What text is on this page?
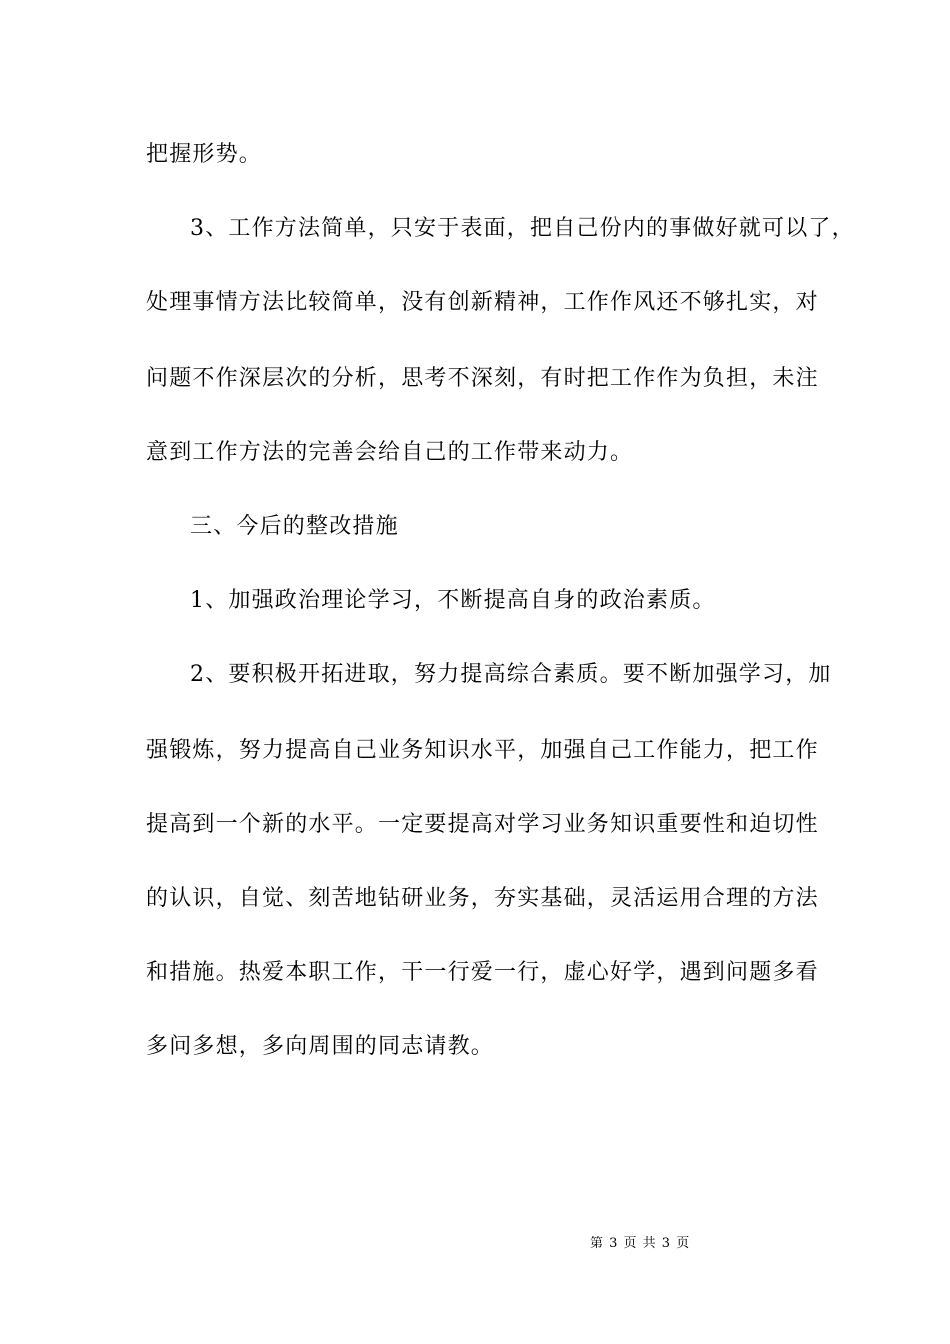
把握形势。
3、工作方法简单，只安于表面，把自己份内的事做好就可以了，
处理事情方法比较简单，没有创新精神，工作作风还不够扎实，对
问题不作深层次的分析，思考不深刻，有时把工作作为负担，未注
意到工作方法的完善会给自己的工作带来动力。
三、今后的整改措施
1、加强政治理论学习，不断提高自身的政治素质。
2、要积极开拓进取，努力提高综合素质。要不断加强学习，加
强锻炼，努力提高自己业务知识水平，加强自己工作能力，把工作
提高到一个新的水平。一定要提高对学习业务知识重要性和迫切性
的认识，自觉、刻苦地钻研业务，夯实基础，灵活运用合理的方法
和措施。热爱本职工作，干一行爱一行，虚心好学，遇到问题多看
多问多想，多向周围的同志请教。
第 3 页 共 3 页
